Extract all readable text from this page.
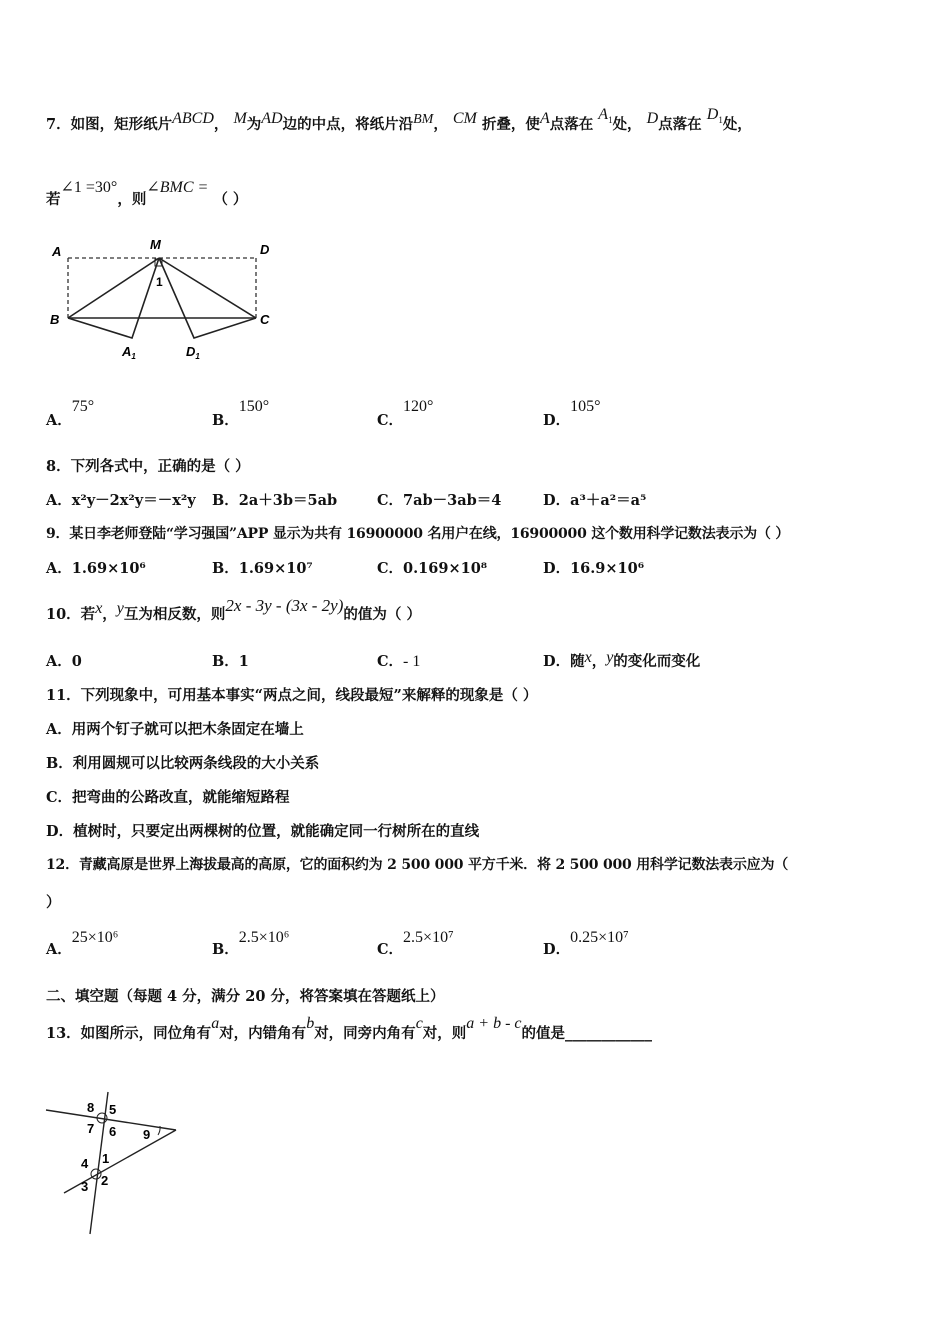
7．如图，矩形纸片ABCD， M为AD边的中点，将纸片沿BM， CM 折叠，使A点落在 $A_1$处， D点落在 $D_1$处，
若∠1 =30°，则∠BMC = （ ）
A	M	D
1
B	C
$A_1$	$D_1$
A．75°
B．150°
C．120°
D．105°
8．下列各式中，正确的是（ ）
A．x²y－2x²y＝－x²y B．2a＋3b＝5ab	C．7ab－3ab＝4	D．a³＋a²＝a⁵
9．某日李老师登陆“学习强国”APP 显示为共有 16900000 名用户在线，16900000 这个数用科学记数法表示为（ ）
A．1.69×10⁶	B．1.69×10⁷	C．0.169×10⁸	D．16.9×10⁶
10．若x，y互为相反数，则2x - 3y - (3x - 2y)的值为（ ）
A．0	B．1	C．- 1	D．随x，y的变化而变化
11．下列现象中，可用基本事实“两点之间，线段最短”来解释的现象是（ ）
A．用两个钉子就可以把木条固定在墙上
B．利用圆规可以比较两条线段的大小关系
C．把弯曲的公路改直，就能缩短路程
D．植树时，只要定出两棵树的位置，就能确定同一行树所在的直线
12．青藏高原是世界上海拔最高的高原，它的面积约为 2 500 000 平方千米．将 2 500 000 用科学记数法表示应为（
）
A．25×10⁶
B．2.5×10⁶
C．2.5×10⁷
D．0.25×10⁷
二、填空题（每题 4 分，满分 20 分，将答案填在答题纸上）
13．如图所示，同位角有a对，内错角有b对，同旁内角有c对，则a + b - c的值是____________
8 5
7 6 9
4 1
3 2
